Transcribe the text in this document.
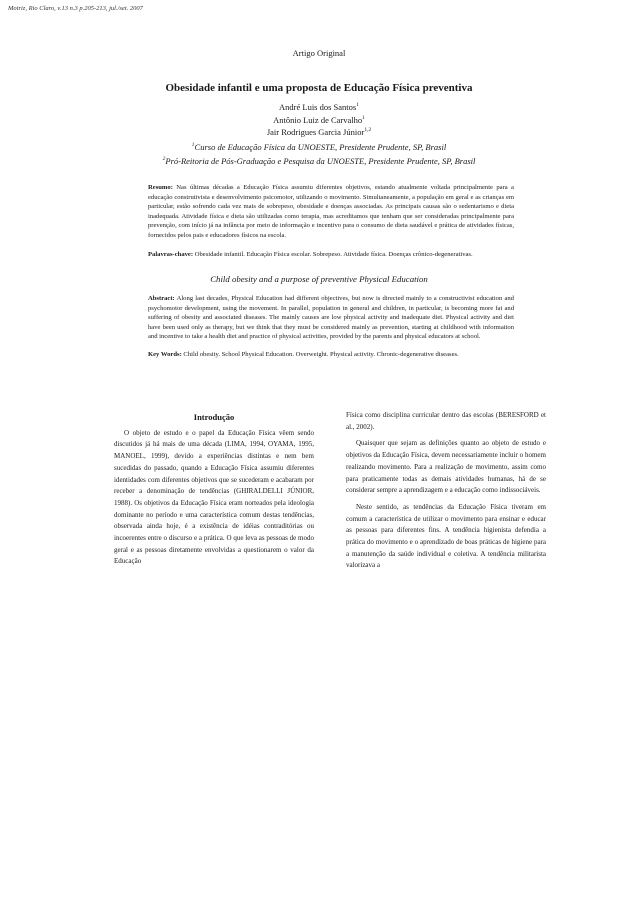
Motriz, Rio Claro, v.13 n.3 p.205-213, jul./set. 2007
Artigo Original
Obesidade infantil e uma proposta de Educação Física preventiva
André Luis dos Santos$^1$
Antônio Luiz de Carvalho$^1$
Jair Rodrigues Garcia Júnior$^{1,2}$
$^1$Curso de Educação Física da UNOESTE, Presidente Prudente, SP, Brasil
$^2$Pró-Reitoria de Pós-Graduação e Pesquisa da UNOESTE, Presidente Prudente, SP, Brasil
Resumo: Nas últimas décadas a Educação Física assumiu diferentes objetivos, estando atualmente voltada principalmente para a educação construtivista e desenvolvimento psicomotor, utilizando o movimento. Simultaneamente, a população em geral e as crianças em particular, estão sofrendo cada vez mais de sobrepeso, obesidade e doenças associadas. As principais causas são o sedentarismo e dieta inadequada. Atividade física e dieta são utilizadas como terapia, mas acreditamos que tenham que ser consideradas principalmente para prevenção, com início já na infância por meio de informação e incentivo para o consumo de dieta saudável e prática de atividades físicas, fornecidos pelos pais e educadores físicos na escola.
Palavras-chave: Obesidade infantil. Educação Física escolar. Sobrepeso. Atividade física. Doenças crônico-degenerativas.
Child obesity and a purpose of preventive Physical Education
Abstract: Along last decades, Physical Education had different objectives, but now is directed mainly to a constructivist education and psychomotor development, using the movement. In parallel, population in general and children, in particular, is becoming more fat and suffering of obesity and associated diseases. The mainly causes are low physical activity and inadequate diet. Physical activity and diet have been used only as therapy, but we think that they must be considered mainly as prevention, starting at childhood with information and incentive to take a health diet and practice of physical activities, provided by the parents and physical educators at school.
Key Words: Child obesity. School Physical Education. Overweight. Physical activity. Chronic-degenerative diseases.
Introdução

O objeto de estudo e o papel da Educação Física vêem sendo discutidos já há mais de uma década (LIMA, 1994, OYAMA, 1995, MANOEL, 1999), devido a experiências distintas e nem bem sucedidas do passado, quando a Educação Física assumiu diferentes identidades com diferentes objetivos que se sucederam e acabaram por receber a denominação de tendências (GHIRALDELLI JÚNIOR, 1988). Os objetivos da Educação Física eram norteados pela ideologia dominante no período e uma característica comum destas tendências, observada ainda hoje, é a existência de idéias contraditórias ou incoerentes entre o discurso e a prática. O que leva as pessoas de modo geral e as pessoas diretamente envolvidas a questionarem o valor da Educação

Física como disciplina curricular dentro das escolas (BERESFORD et al., 2002).

Quaisquer que sejam as definições quanto ao objeto de estudo e objetivos da Educação Física, devem necessariamente incluir o homem realizando movimento. Para a realização de movimento, assim como para praticamente todas as demais atividades humanas, há de se considerar sempre a aprendizagem e a educação como indissociáveis.

Neste sentido, as tendências da Educação Física tiveram em comum a característica de utilizar o movimento para ensinar e educar as pessoas para diferentes fins. A tendência higienista defendia a prática do movimento e o aprendizado de boas práticas de higiene para a manutenção da saúde individual e coletiva. A tendência militarista valorizava a
